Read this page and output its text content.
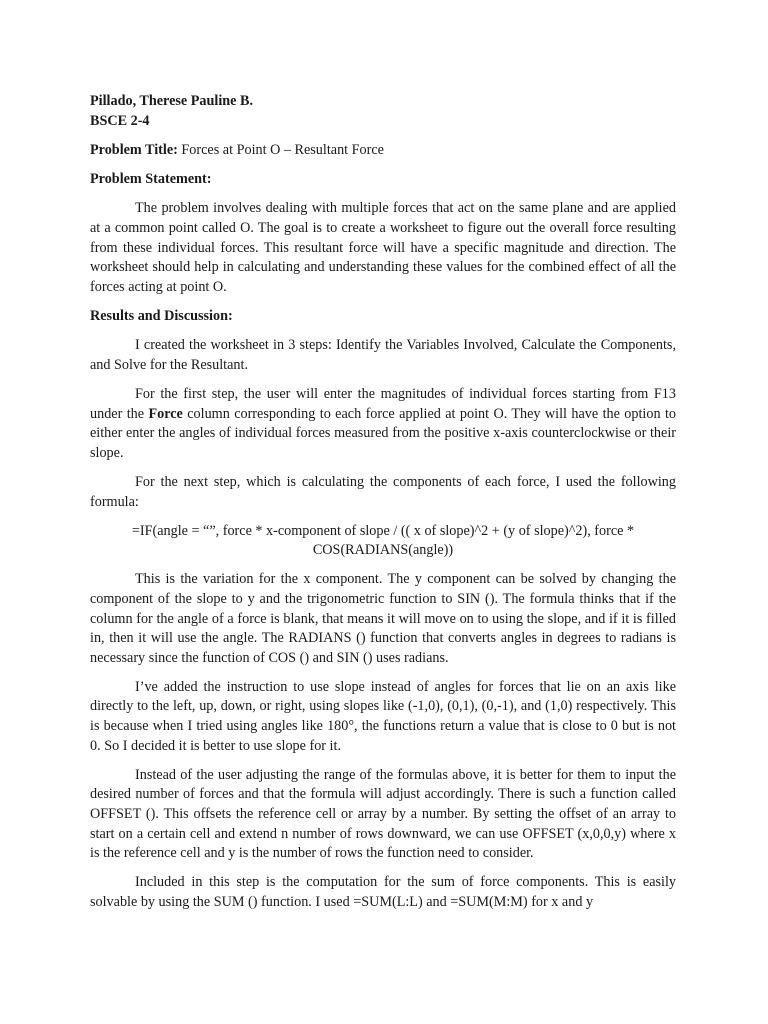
Pillado, Therese Pauline B.
BSCE 2-4
Problem Title: Forces at Point O – Resultant Force
Problem Statement:

The problem involves dealing with multiple forces that act on the same plane and are applied at a common point called O. The goal is to create a worksheet to figure out the overall force resulting from these individual forces. This resultant force will have a specific magnitude and direction. The worksheet should help in calculating and understanding these values for the combined effect of all the forces acting at point O.

Results and Discussion:

I created the worksheet in 3 steps: Identify the Variables Involved, Calculate the Components, and Solve for the Resultant.

For the first step, the user will enter the magnitudes of individual forces starting from F13 under the Force column corresponding to each force applied at point O. They will have the option to either enter the angles of individual forces measured from the positive x-axis counterclockwise or their slope.

For the next step, which is calculating the components of each force, I used the following formula:

=IF(angle = “”, force * x-component of slope / (( x of slope)^2 + (y of slope)^2), force *
COS(RADIANS(angle))

This is the variation for the x component. The y component can be solved by changing the component of the slope to y and the trigonometric function to SIN (). The formula thinks that if the column for the angle of a force is blank, that means it will move on to using the slope, and if it is filled in, then it will use the angle. The RADIANS () function that converts angles in degrees to radians is necessary since the function of COS () and SIN () uses radians.

I’ve added the instruction to use slope instead of angles for forces that lie on an axis like directly to the left, up, down, or right, using slopes like (-1,0), (0,1), (0,-1), and (1,0) respectively. This is because when I tried using angles like 180°, the functions return a value that is close to 0 but is not 0. So I decided it is better to use slope for it.

Instead of the user adjusting the range of the formulas above, it is better for them to input the desired number of forces and that the formula will adjust accordingly. There is such a function called OFFSET (). This offsets the reference cell or array by a number. By setting the offset of an array to start on a certain cell and extend n number of rows downward, we can use OFFSET (x,0,0,y) where x is the reference cell and y is the number of rows the function need to consider.

Included in this step is the computation for the sum of force components. This is easily solvable by using the SUM () function. I used =SUM(L:L) and =SUM(M:M) for x and y
